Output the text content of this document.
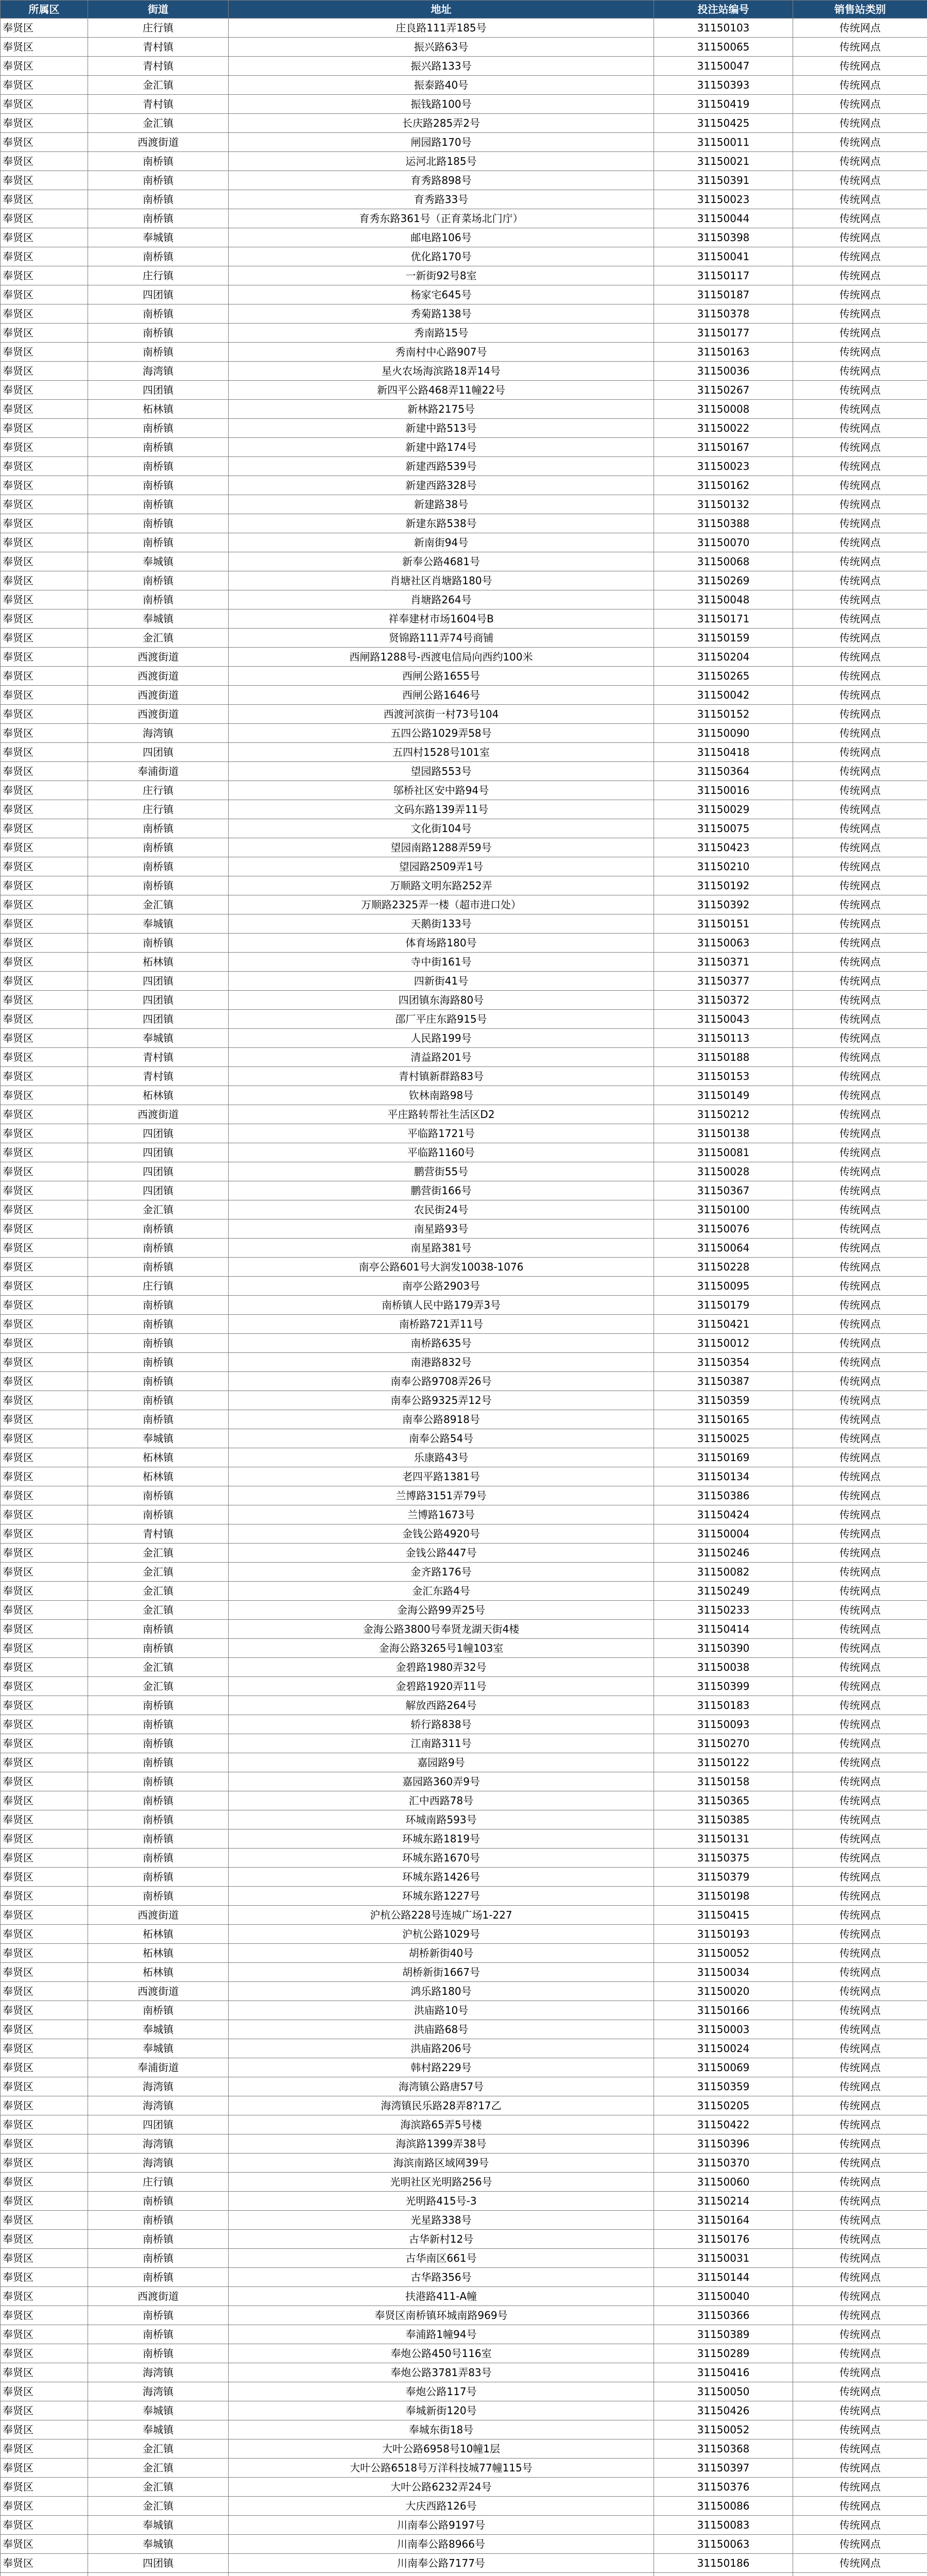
所属区	街道	地址	投注站编号	销售站类别
奉贤区	庄行镇	庄良路111弄185号	31150103	传统网点
奉贤区	青村镇	振兴路63号	31150065	传统网点
奉贤区	青村镇	振兴路133号	31150047	传统网点
奉贤区	金汇镇	振泰路40号	31150393	传统网点
奉贤区	青村镇	振钱路100号	31150419	传统网点
奉贤区	金汇镇	长庆路285弄2号	31150425	传统网点
奉贤区	西渡街道	闸园路170号	31150011	传统网点
奉贤区	南桥镇	运河北路185号	31150021	传统网点
奉贤区	南桥镇	育秀路898号	31150391	传统网点
奉贤区	南桥镇	育秀路33号	31150023	传统网点
奉贤区	南桥镇	育秀东路361号（正育菜场北门庁）	31150044	传统网点
奉贤区	奉城镇	邮电路106号	31150398	传统网点
奉贤区	南桥镇	优化路170号	31150041	传统网点
奉贤区	庄行镇	一新街92号8室	31150117	传统网点
奉贤区	四团镇	杨家宅645号	31150187	传统网点
奉贤区	南桥镇	秀菊路138号	31150378	传统网点
奉贤区	南桥镇	秀南路15号	31150177	传统网点
奉贤区	南桥镇	秀南村中心路907号	31150163	传统网点
奉贤区	海湾镇	星火农场海滨路18弄14号	31150036	传统网点
奉贤区	四团镇	新四平公路468弄11幢22号	31150267	传统网点
奉贤区	柘林镇	新林路2175号	31150008	传统网点
奉贤区	南桥镇	新建中路513号	31150022	传统网点
奉贤区	南桥镇	新建中路174号	31150167	传统网点
奉贤区	南桥镇	新建西路539号	31150023	传统网点
奉贤区	南桥镇	新建西路328号	31150162	传统网点
奉贤区	南桥镇	新建路38号	31150132	传统网点
奉贤区	南桥镇	新建东路538号	31150388	传统网点
奉贤区	南桥镇	新南街94号	31150070	传统网点
奉贤区	奉城镇	新奉公路4681号	31150068	传统网点
奉贤区	南桥镇	肖塘社区肖塘路180号	31150269	传统网点
奉贤区	南桥镇	肖塘路264号	31150048	传统网点
奉贤区	奉城镇	祥奉建材市场1604号B	31150171	传统网点
奉贤区	金汇镇	贤锦路111弄74号商铺	31150159	传统网点
奉贤区	西渡街道	西闸路1288号-西渡电信局向西约100米	31150204	传统网点
奉贤区	西渡街道	西闸公路1655号	31150265	传统网点
奉贤区	西渡街道	西闸公路1646号	31150042	传统网点
奉贤区	西渡街道	西渡河滨街一村73号104	31150152	传统网点
奉贤区	海湾镇	五四公路1029弄58号	31150090	传统网点
奉贤区	四团镇	五四村1528号101室	31150418	传统网点
奉贤区	奉浦街道	望园路553号	31150364	传统网点
奉贤区	庄行镇	邬桥社区安中路94号	31150016	传统网点
奉贤区	庄行镇	文码东路139弄11号	31150029	传统网点
奉贤区	南桥镇	文化街104号	31150075	传统网点
奉贤区	南桥镇	望园南路1288弄59号	31150423	传统网点
奉贤区	南桥镇	望园路2509弄1号	31150210	传统网点
奉贤区	南桥镇	万顺路文明东路252弄	31150192	传统网点
奉贤区	金汇镇	万顺路2325弄一楼（超市进口处）	31150392	传统网点
奉贤区	奉城镇	天鹅街133号	31150151	传统网点
奉贤区	南桥镇	体育场路180号	31150063	传统网点
奉贤区	柘林镇	寺中街161号	31150371	传统网点
奉贤区	四团镇	四新街41号	31150377	传统网点
奉贤区	四团镇	四团镇东海路80号	31150372	传统网点
奉贤区	四团镇	邵厂平庄东路915号	31150043	传统网点
奉贤区	奉城镇	人民路199号	31150113	传统网点
奉贤区	青村镇	清益路201号	31150188	传统网点
奉贤区	青村镇	青村镇新群路83号	31150153	传统网点
奉贤区	柘林镇	钦林南路98号	31150149	传统网点
奉贤区	西渡街道	平庄路转帮社生活区D2	31150212	传统网点
奉贤区	四团镇	平临路1721号	31150138	传统网点
奉贤区	四团镇	平临路1160号	31150081	传统网点
奉贤区	四团镇	鹏营街55号	31150028	传统网点
奉贤区	四团镇	鹏营街166号	31150367	传统网点
奉贤区	金汇镇	农民街24号	31150100	传统网点
奉贤区	南桥镇	南星路93号	31150076	传统网点
奉贤区	南桥镇	南星路381号	31150064	传统网点
奉贤区	南桥镇	南亭公路601号大润发10038-1076	31150228	传统网点
奉贤区	庄行镇	南亭公路2903号	31150095	传统网点
奉贤区	南桥镇	南桥镇人民中路179弄3号	31150179	传统网点
奉贤区	南桥镇	南桥路721弄11号	31150421	传统网点
奉贤区	南桥镇	南桥路635号	31150012	传统网点
奉贤区	南桥镇	南港路832号	31150354	传统网点
奉贤区	南桥镇	南奉公路9708弄26号	31150387	传统网点
奉贤区	南桥镇	南奉公路9325弄12号	31150359	传统网点
奉贤区	南桥镇	南奉公路8918号	31150165	传统网点
奉贤区	奉城镇	南奉公路54号	31150025	传统网点
奉贤区	柘林镇	乐康路43号	31150169	传统网点
奉贤区	柘林镇	老四平路1381号	31150134	传统网点
奉贤区	南桥镇	兰博路3151弄79号	31150386	传统网点
奉贤区	南桥镇	兰博路1673号	31150424	传统网点
奉贤区	青村镇	金钱公路4920号	31150004	传统网点
奉贤区	金汇镇	金钱公路447号	31150246	传统网点
奉贤区	金汇镇	金齐路176号	31150082	传统网点
奉贤区	金汇镇	金汇东路4号	31150249	传统网点
奉贤区	金汇镇	金海公路99弄25号	31150233	传统网点
奉贤区	南桥镇	金海公路3800号奉贤龙湖天街4楼	31150414	传统网点
奉贤区	南桥镇	金海公路3265号1幢103室	31150390	传统网点
奉贤区	金汇镇	金碧路1980弄32号	31150038	传统网点
奉贤区	金汇镇	金碧路1920弄11号	31150399	传统网点
奉贤区	南桥镇	解放西路264号	31150183	传统网点
奉贤区	南桥镇	轿行路838号	31150093	传统网点
奉贤区	南桥镇	江南路311号	31150270	传统网点
奉贤区	南桥镇	嘉园路9号	31150122	传统网点
奉贤区	南桥镇	嘉园路360弄9号	31150158	传统网点
奉贤区	南桥镇	汇中西路78号	31150365	传统网点
奉贤区	南桥镇	环城南路593号	31150385	传统网点
奉贤区	南桥镇	环城东路1819号	31150131	传统网点
奉贤区	南桥镇	环城东路1670号	31150375	传统网点
奉贤区	南桥镇	环城东路1426号	31150379	传统网点
奉贤区	南桥镇	环城东路1227号	31150198	传统网点
奉贤区	西渡街道	沪杭公路228号连城广场1-227	31150415	传统网点
奉贤区	柘林镇	沪杭公路1029号	31150193	传统网点
奉贤区	柘林镇	胡桥新街40号	31150052	传统网点
奉贤区	柘林镇	胡桥新街1667号	31150034	传统网点
奉贤区	西渡街道	鸿乐路180号	31150020	传统网点
奉贤区	南桥镇	洪庙路10号	31150166	传统网点
奉贤区	奉城镇	洪庙路68号	31150003	传统网点
奉贤区	奉城镇	洪庙路206号	31150024	传统网点
奉贤区	奉浦街道	韩村路229号	31150069	传统网点
奉贤区	海湾镇	海湾镇公路唐57号	31150359	传统网点
奉贤区	海湾镇	海湾镇民乐路28弄8?17乙	31150205	传统网点
奉贤区	四团镇	海滨路65弄5号楼	31150422	传统网点
奉贤区	海湾镇	海滨路1399弄38号	31150396	传统网点
奉贤区	海湾镇	海滨南路区域网39号	31150370	传统网点
奉贤区	庄行镇	光明社区光明路256号	31150060	传统网点
奉贤区	南桥镇	光明路415号-3	31150214	传统网点
奉贤区	南桥镇	光星路338号	31150164	传统网点
奉贤区	南桥镇	古华新村12号	31150176	传统网点
奉贤区	南桥镇	古华南区661号	31150031	传统网点
奉贤区	南桥镇	古华路356号	31150144	传统网点
奉贤区	西渡街道	扶港路411-A幢	31150040	传统网点
奉贤区	南桥镇	奉贤区南桥镇环城南路969号	31150366	传统网点
奉贤区	南桥镇	奉浦路1幢94号	31150389	传统网点
奉贤区	南桥镇	奉炮公路450号116室	31150289	传统网点
奉贤区	海湾镇	奉炮公路3781弄83号	31150416	传统网点
奉贤区	海湾镇	奉炮公路117号	31150050	传统网点
奉贤区	奉城镇	奉城新街120号	31150426	传统网点
奉贤区	奉城镇	奉城东街18号	31150052	传统网点
奉贤区	金汇镇	大叶公路6958号10幢1层	31150368	传统网点
奉贤区	金汇镇	大叶公路6518号万洋科技城77幢115号	31150397	传统网点
奉贤区	金汇镇	大叶公路6232弄24号	31150376	传统网点
奉贤区	金汇镇	大庆西路126号	31150086	传统网点
奉贤区	奉城镇	川南奉公路9197号	31150083	传统网点
奉贤区	奉城镇	川南奉公路8966号	31150063	传统网点
奉贤区	四团镇	川南奉公路7177号	31150186	传统网点
